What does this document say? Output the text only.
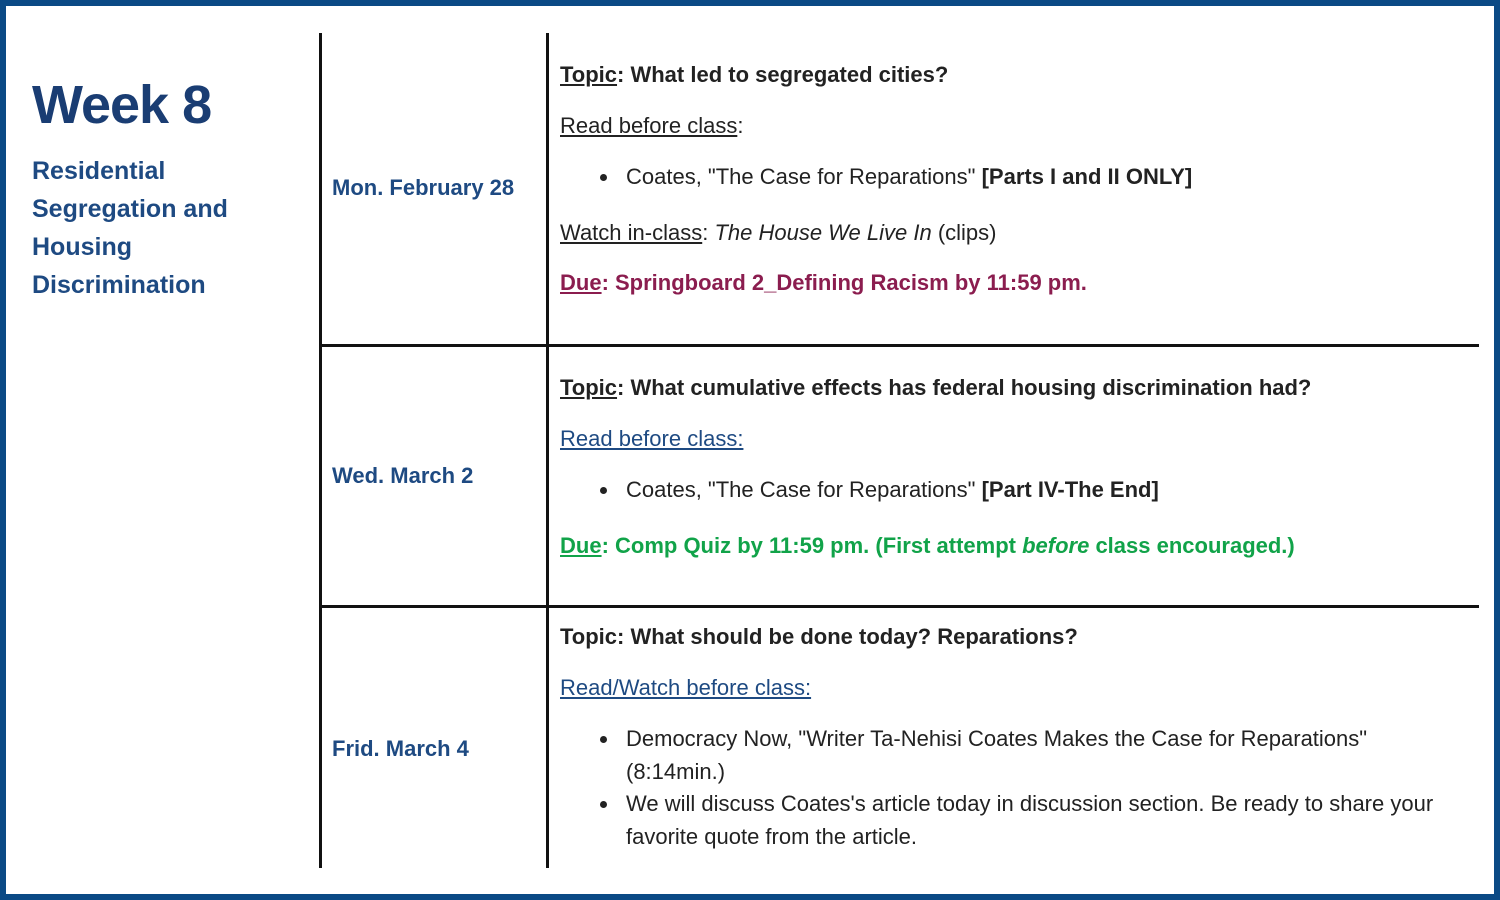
Week 8
Residential
Segregation and
Housing
Discrimination
Mon. February 28
Topic: What led to segregated cities?
Read before class:
Coates, "The Case for Reparations" [Parts I and II ONLY]
Watch in-class: The House We Live In (clips)
Due: Springboard 2_Defining Racism by 11:59 pm.
Wed. March 2
Topic: What cumulative effects has federal housing discrimination had?
Read before class:
Coates, "The Case for Reparations" [Part IV-The End]
Due: Comp Quiz by 11:59 pm. (First attempt before class encouraged.)
Frid. March 4
Topic: What should be done today? Reparations?
Read/Watch before class:
Democracy Now, "Writer Ta-Nehisi Coates Makes the Case for Reparations"
(8:14min.)
We will discuss Coates's article today in discussion section. Be ready to share your
favorite quote from the article.
